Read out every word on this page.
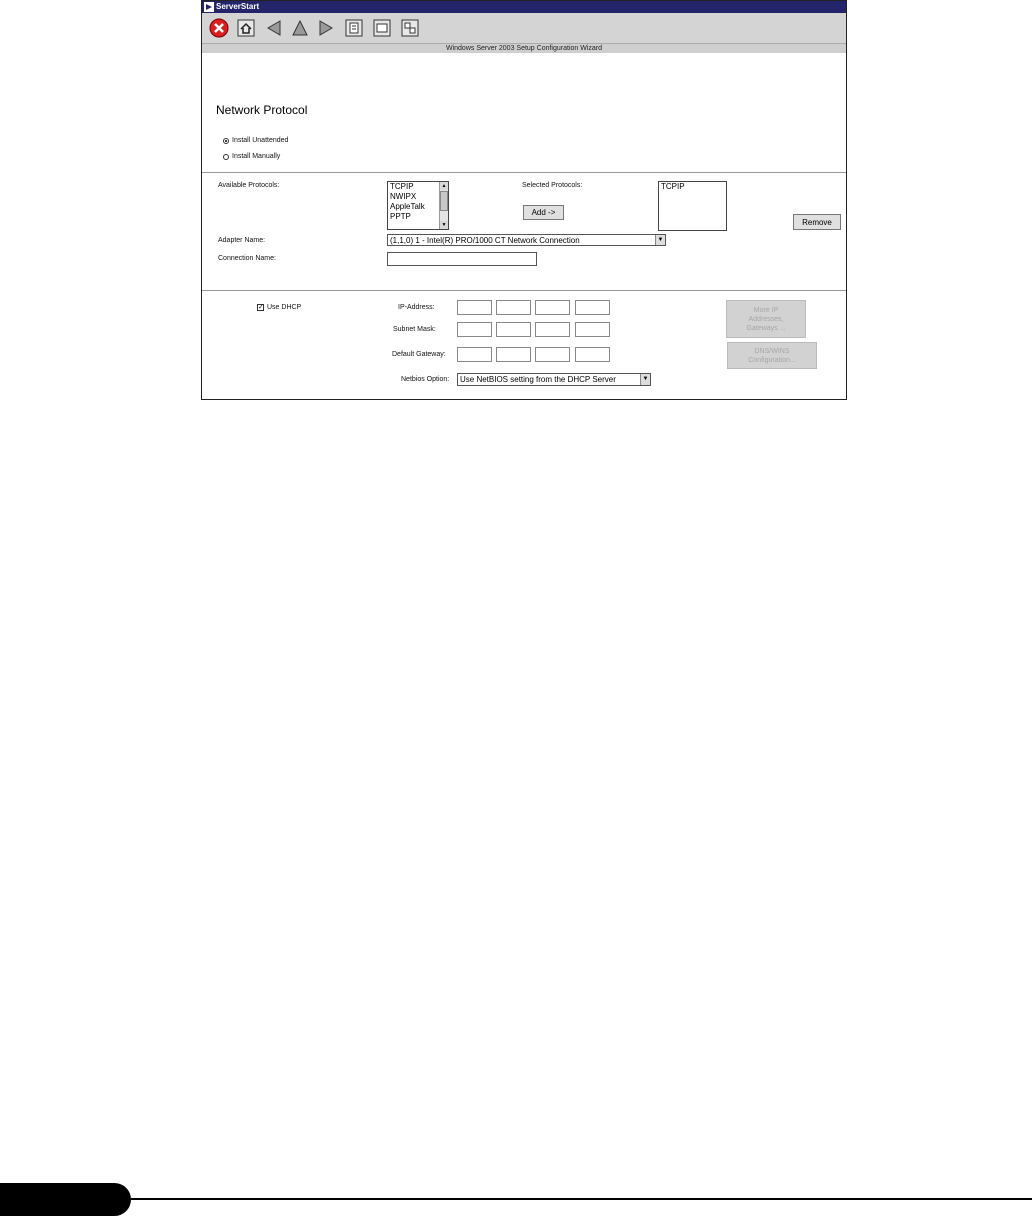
ServerStart
Windows Server 2003 Setup Configuration Wizard
Network Protocol
Install Unattended
Install Manually
Available Protocols:	TCPIP
NWIPX
AppleTalk
PPTP
▲
▼
Selected Protocols:
Add ->
TCPIP
Remove
Adapter Name:	(1,1,0) 1 - Intel(R) PRO/1000 CT Network Connection	▼
Connection Name:
✓ Use DHCP	IP-Address:
Subnet Mask:
Default Gateway:
Netbios Option:	Use NetBIOS setting from the DHCP Server	▼
More IP
Addresses,
Gateways ...
DNS/WINS
Configuration...
